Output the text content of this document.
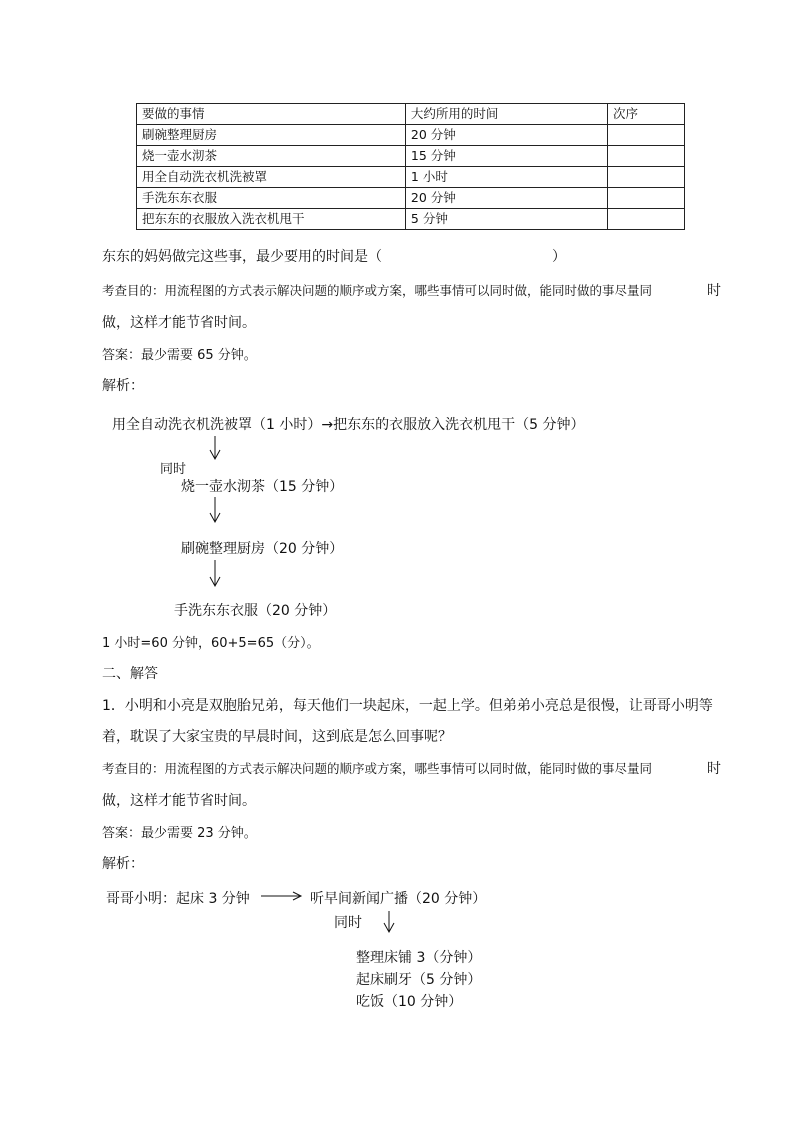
要做的事情	大约所用的时间	次序
刷碗整理厨房	20 分钟	
烧一壶水沏茶	15 分钟	
用全自动洗衣机洗被罩	1 小时	
手洗东东衣服	20 分钟	
把东东的衣服放入洗衣机甩干	5 分钟	
东东的妈妈做完这些事，最少要用的时间是（	）
考查目的：用流程图的方式表示解决问题的顺序或方案，哪些事情可以同时做，能同时做的事尽量同	时
做，这样才能节省时间。
答案：最少需要 65 分钟。
解析：
用全自动洗衣机洗被罩（1 小时）→把东东的衣服放入洗衣机甩干（5 分钟）
同时
烧一壶水沏茶（15 分钟）
刷碗整理厨房（20 分钟）
手洗东东衣服（20 分钟）
1 小时=60 分钟，60+5=65（分）。
二、解答
1．小明和小亮是双胞胎兄弟，每天他们一块起床，一起上学。但弟弟小亮总是很慢，让哥哥小明等
着，耽误了大家宝贵的早晨时间，这到底是怎么回事呢？
考查目的：用流程图的方式表示解决问题的顺序或方案，哪些事情可以同时做，能同时做的事尽量同	时
做，这样才能节省时间。
答案：最少需要 23 分钟。
解析：
哥哥小明：起床 3 分钟	听早间新闻广播（20 分钟）
同时
整理床铺 3（分钟）
起床刷牙（5 分钟）
吃饭（10 分钟）
